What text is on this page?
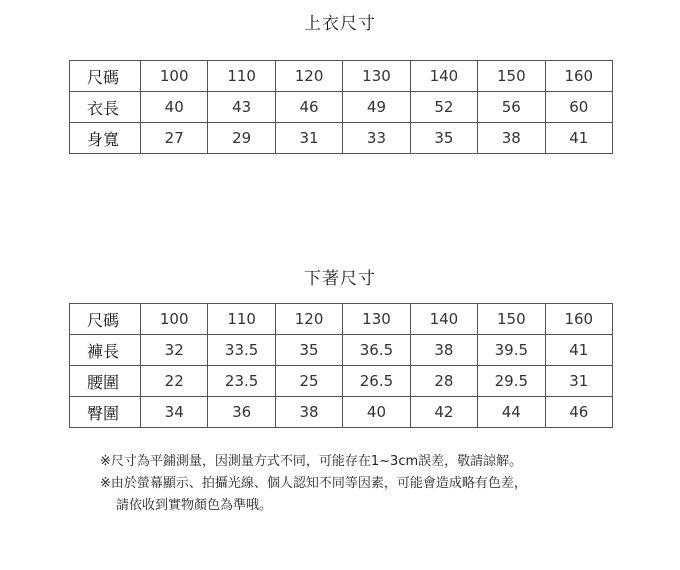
上衣尺寸
尺碼	100	110	120	130	140	150	160
衣長	40	43	46	49	52	56	60
身寬	27	29	31	33	35	38	41
下著尺寸
尺碼	100	110	120	130	140	150	160
褲長	32	33.5	35	36.5	38	39.5	41
腰圍	22	23.5	25	26.5	28	29.5	31
臀圍	34	36	38	40	42	44	46
※尺寸為平鋪測量，因測量方式不同，可能存在1~3cm誤差，敬請諒解。
※由於螢幕顯示、拍攝光線、個人認知不同等因素，可能會造成略有色差，
請依收到實物顏色為準哦。
